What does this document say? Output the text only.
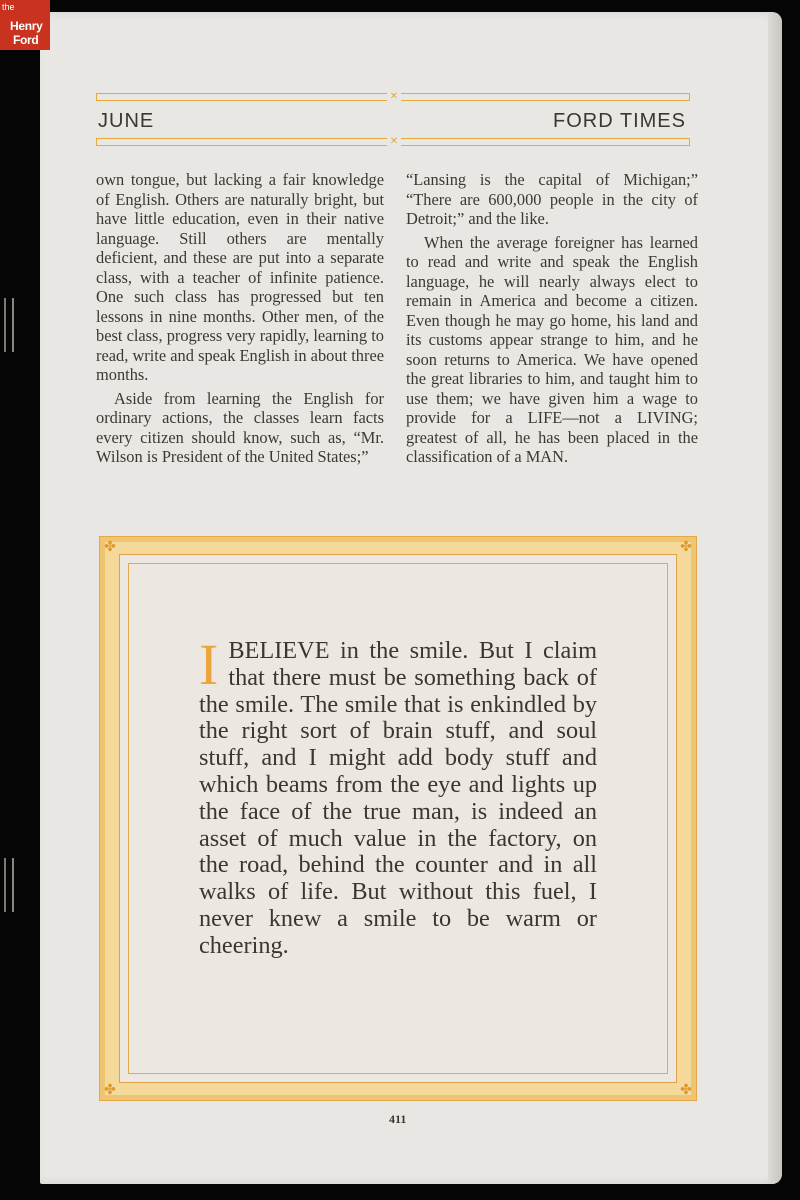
the
Henry
Ford
✕
JUNE	FORD TIMES
✕

own tongue, but lacking a fair knowledge of English. Others are naturally bright, but have little education, even in their native language. Still others are mentally deficient, and these are put into a separate class, with a teacher of infinite patience. One such class has progressed but ten lessons in nine months. Other men, of the best class, progress very rapidly, learning to read, write and speak English in about three months.

Aside from learning the English for ordinary actions, the classes learn facts every citizen should know, such as, “Mr. Wilson is President of the United States;”

“Lansing is the capital of Michigan;” “There are 600,000 people in the city of Detroit;” and the like.

When the average foreigner has learned to read and write and speak the English language, he will nearly always elect to remain in America and become a citizen. Even though he may go home, his land and its customs appear strange to him, and he soon returns to America. We have opened the great libraries to him, and taught him to use them; we have given him a wage to provide for a LIFE—not a LIVING; greatest of all, he has been placed in the classification of a MAN.

✤	✤
✤	✤
IBELIEVE in the smile. But I claim that there must be something back of the smile. The smile that is enkindled by the right sort of brain stuff, and soul stuff, and I might add body stuff and which beams from the eye and lights up the face of the true man, is indeed an asset of much value in the factory, on the road, behind the counter and in all walks of life. But without this fuel, I never knew a smile to be warm or cheering.
411
